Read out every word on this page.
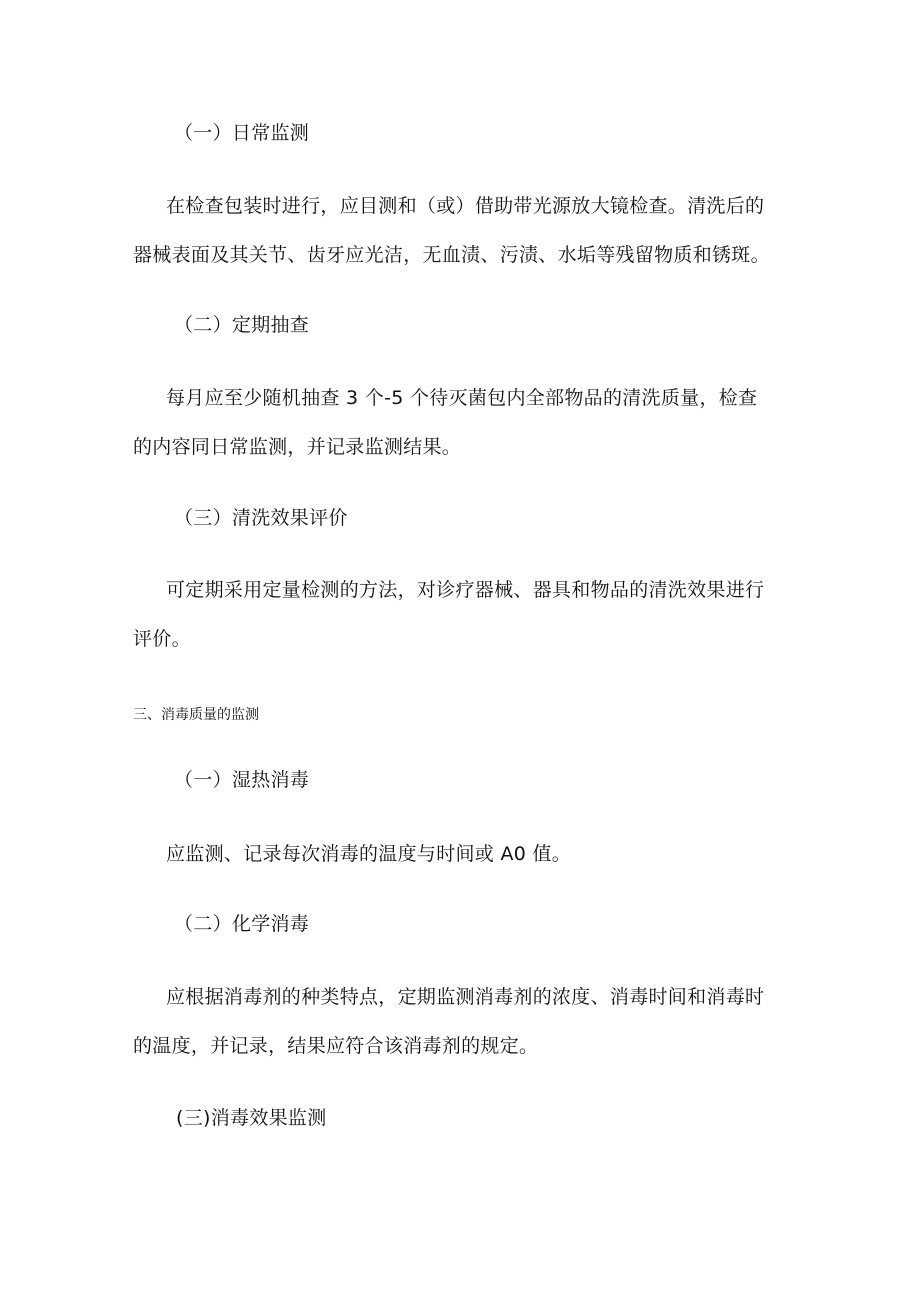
（一）日常监测
在检查包装时进行，应目测和（或）借助带光源放大镜检查。清洗后的
器械表面及其关节、齿牙应光洁，无血渍、污渍、水垢等残留物质和锈斑。
（二）定期抽查
每月应至少随机抽查 3 个-5 个待灭菌包内全部物品的清洗质量，检查
的内容同日常监测，并记录监测结果。
（三）清洗效果评价
可定期采用定量检测的方法，对诊疗器械、器具和物品的清洗效果进行
评价。
三、消毒质量的监测
（一）湿热消毒
应监测、记录每次消毒的温度与时间或 A0 值。
（二）化学消毒
应根据消毒剂的种类特点，定期监测消毒剂的浓度、消毒时间和消毒时
的温度，并记录，结果应符合该消毒剂的规定。
(三)消毒效果监测
